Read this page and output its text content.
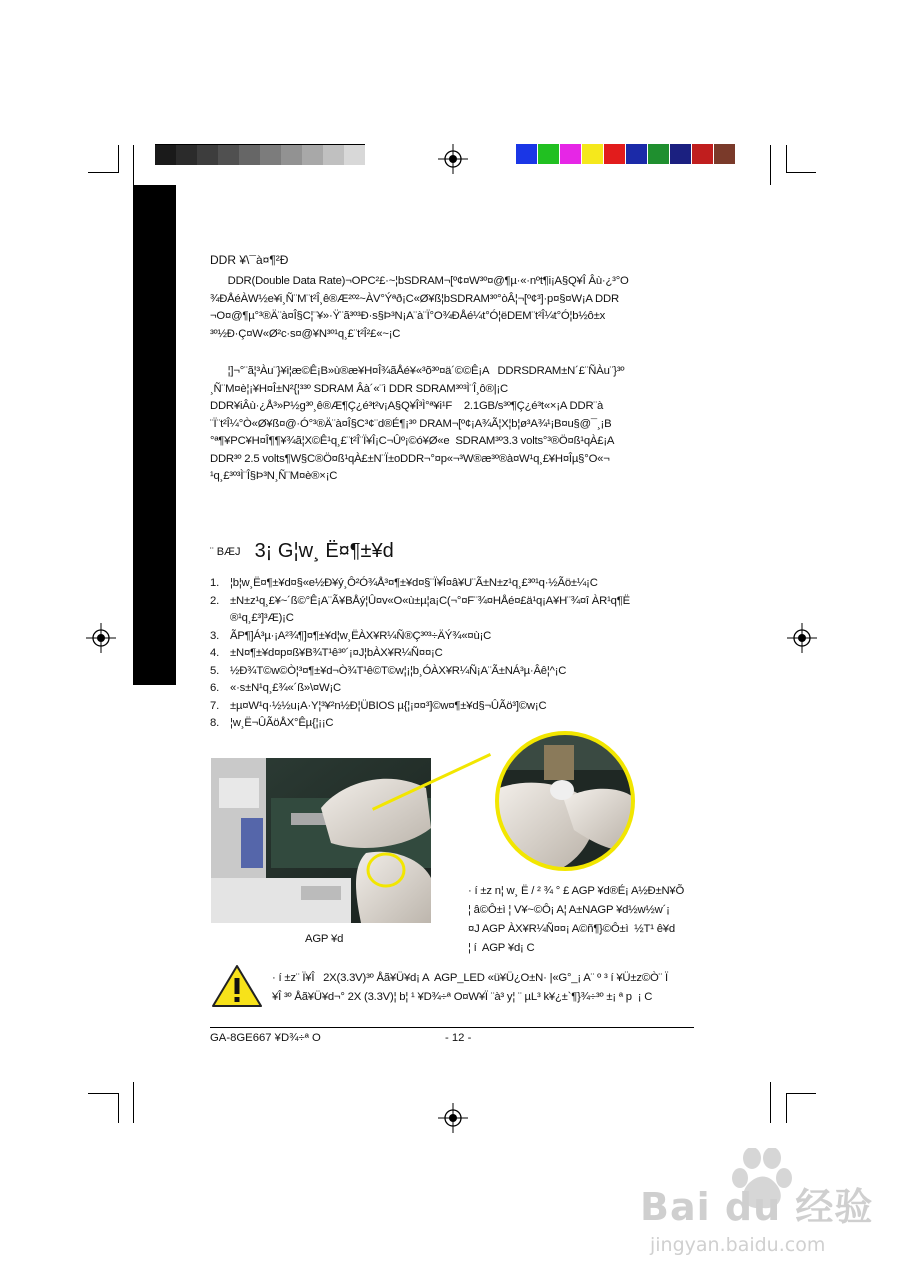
Ác
Âé
¤¤
¤å
DDR ¥\¯à¤¶²Ð

DDR(Double Data Rate)¬OPC²£·~¦bSDRAM¬[º¢¤W³º¤@¶µ·«·nºt¶i¡A§Q¥Î Âù·¿³°O
¾ÐÅéÀW½e¥i¸Ñ¨M¨t²Î¸ê®Æ²º²~ÀV°Ýªð¡C«Ø¥ß¦bSDRAM³º°òÂ¦¬[º¢³]·p¤§¤W¡A DDR
¬O¤@¶µ°³®Ä¨à¤Î§C¦¨¥»·Ÿ¨ã³º³Ð·s§Þ³N¡A¨à¨Ï°O¾ÐÅé¼t°Ó¦ëDEM¨t²Î¼t°Ó¦b½ô±x
³º½Ð·Ç¤W«Ø²c·s¤@¥N³º¹q¸£¨t²Î²£«~¡C

¦]¬°¨ã¦³Àu¨}¥i¦æ©Ê¡B»ù®æ¥H¤Î¾ãÅé¥«³õ³º¤ä´©©Ê¡A   DDRSDRAM±N´£¨ÑÀu¨}³º
¸Ñ¨M¤è¦¡¥H¤Î±N²{¦³³º SDRAM Âà´«¨ì DDR SDRAM³º³Ì¨Î¸ô®|¡C
DDR¥iÂù·¿Å³»P½g³º¸ê®Æ¶Ç¿é³t²v¡A§Q¥Î³Ì°ª¥i¹F    2.1GB/s³º¶Ç¿é³t«×¡A DDR¨à
¨Ï¨t²Î¼°Ò«Ø¥ß¤@·Ó°³®Ä¨à¤Î§C³¢¨d®É¶¡³º DRAM¬[º¢¡A¾Ã¦X¦b¦ø³A¾¹¡B¤u§@¯¸¡B
°ª¶¥PC¥H¤Î¶¶¥¾ã¦X©Ê¹q¸£¨t²Î¨Ï¥Î¡C¬Ûº¡©ó¥Ø«e  SDRAM³º3.3 volts°³®Ö¤ß¹qÀ£¡A
DDR³º 2.5 volts¶W§C®Ö¤ß¹qÀ£±N¨Ï±oDDR¬°¤p«¬³W®æ³º®à¤W¹q¸£¥H¤Îµ§°O«¬
¹q¸£³º³Ì¨Î§Þ³N¸Ñ¨M¤è®×¡C

¨ BÆJ 3¡ G¦w¸ Ë¤¶±¥d
1. ¦b¦w¸Ë¤¶±¥d¤§«e½Ð¥ý¸Ô²Ó¾Å³¤¶±¥d¤§¨Ï¥Î¤â¥U¨Ã±N±z¹q¸£³º¹q·½Ãö±¼¡C
2. ±N±z¹q¸£¥~´ß©°Ê¡A¨Ã¥BÅý¦Û¤v«O«ù±µ¦a¡C(¬°¤F¨¾¤HÅé¤£ä¹q¡A¥H¨¾¤î ÀR¹q¶Ë
®¹q¸£³]³Æ)¡C
3. ÃP¶]Á³µ·¡A²¾¶]¤¶±¥d¦w¸ËÀX¥R¼Ñ®Ç³º³÷ÄÝ¾«¤ù¡C
4. ±N¤¶±¥d¤p¤ß¥B¾T¹ê³º´¡¤J¦bÀX¥R¼Ñ¤¤¡C
5. ½Ð¾T©w©Ò¦³¤¶±¥d¬Ò¾T¹ê©T©w¦¡¦b¸ÓÀX¥R¼Ñ¡A¨Ã±NÁ³µ·Âê¦^¡C
6. «·s±N¹q¸£¾«´ß»\¤W¡C
7. ±µ¤W¹q·½½u¡A·Y¦³¥²n½Ð¦ÜBIOS µ{¦¡¤¤³]©w¤¶±¥d§¬ÛÃö³]©w¡C
8. ¦w¸Ë¬ÛÃöÅX°Êµ{¦¡¡C
AGP ¥d
· í ±z n¦ w¸ Ë / ² ¾ ° £ AGP ¥d®É¡ A½Ð±N¥Õ
¦ â©Ô±ì ¦ V¥~©Ô¡ A¦ A±NAGP ¥d½w½w´¡
¤J AGP ÀX¥R¼Ñ¤¤¡ A©ñ¶}©Ô±ì  ½T¹ ê¥d
¦ í  AGP ¥d¡ C
· í ±z¨ Ï¥Î   2X(3.3V)³º Åã¥Ü¥d¡ A  AGP_LED «ü¥Ü¿O±N· |«G°_¡ A¨ º ³ í ¥Ü±z©Ò¨ Ï
¥Î ³º Åã¥Ü¥d¬° 2X (3.3V)¦ b¦ ¹ ¥D¾÷ª O¤W¥Ï ¨à³ y¦ ¨ µL³ k¥¿±`¶}¾÷³º ±¡ ª p  ¡ C
GA-8GE667 ¥D¾÷ª O	- 12 -
Bai du 经验
jingyan.baidu.com
